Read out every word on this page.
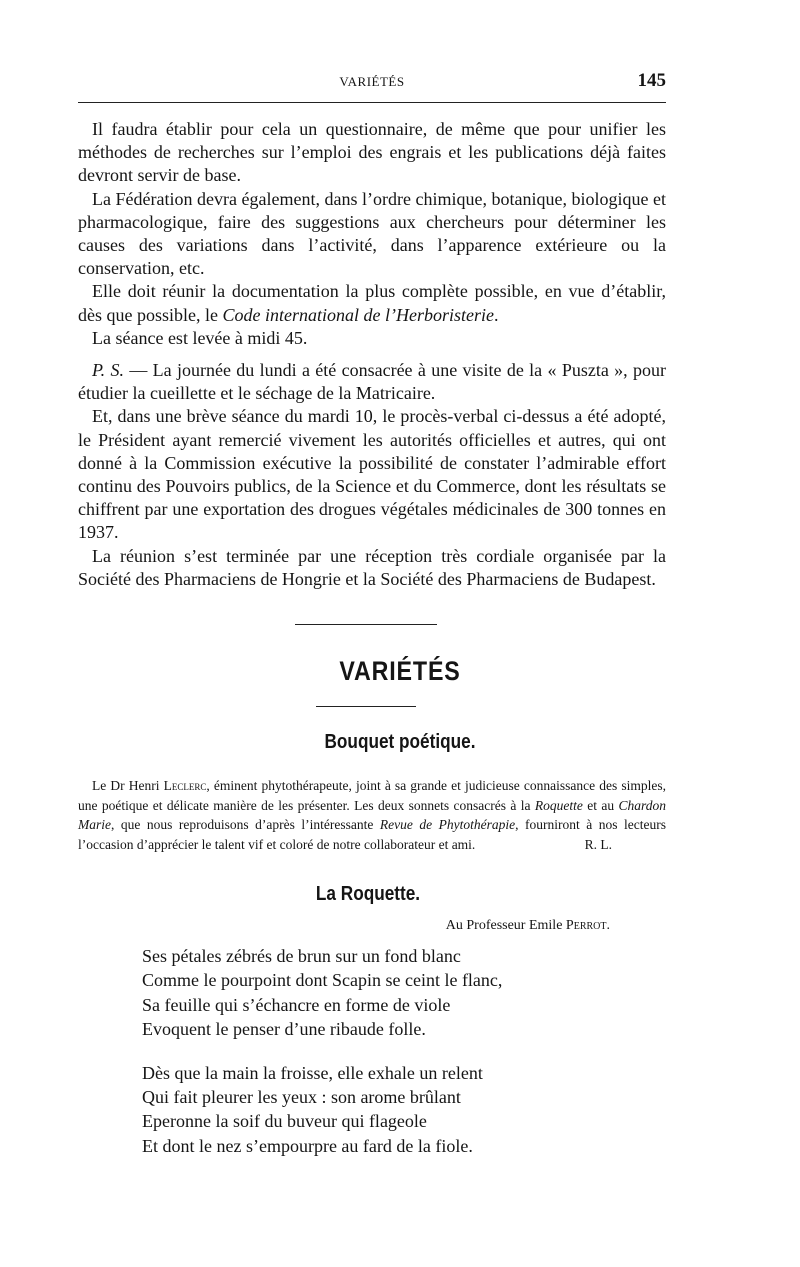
VARIÉTÉS	145

Il faudra établir pour cela un questionnaire, de même que pour unifier les méthodes de recherches sur l’emploi des engrais et les publications déjà faites devront servir de base.

La Fédération devra également, dans l’ordre chimique, botanique, biologique et pharmacologique, faire des suggestions aux chercheurs pour déterminer les causes des variations dans l’activité, dans l’apparence extérieure ou la conservation, etc.

Elle doit réunir la documentation la plus complète possible, en vue d’établir, dès que possible, le Code international de l’Herboristerie.

La séance est levée à midi 45.

P. S. — La journée du lundi a été consacrée à une visite de la « Puszta », pour étudier la cueillette et le séchage de la Matricaire.

Et, dans une brève séance du mardi 10, le procès-verbal ci-dessus a été adopté, le Président ayant remercié vivement les autorités officielles et autres, qui ont donné à la Commission exécutive la possibilité de constater l’admirable effort continu des Pouvoirs publics, de la Science et du Commerce, dont les résultats se chiffrent par une exportation des drogues végétales médicinales de 300 tonnes en 1937.

La réunion s’est terminée par une réception très cordiale organisée par la Société des Pharmaciens de Hongrie et la Société des Pharmaciens de Budapest.

VARIÉTÉS
Bouquet poétique.

Le Dr Henri Leclerc, éminent phytothérapeute, joint à sa grande et judicieuse connaissance des simples, une poétique et délicate manière de les présenter. Les deux sonnets consacrés à la Roquette et au Chardon Marie, que nous reproduisons d’après l’intéressante Revue de Phytothérapie, fourniront à nos lecteurs l’occasion d’apprécier le talent vif et coloré de notre collaborateur et ami.	R. L.

La Roquette.
Au Professeur Emile Perrot.

Ses pétales zébrés de brun sur un fond blanc

Comme le pourpoint dont Scapin se ceint le flanc,

Sa feuille qui s’échancre en forme de viole

Evoquent le penser d’une ribaude folle.

Dès que la main la froisse, elle exhale un relent

Qui fait pleurer les yeux : son arome brûlant

Eperonne la soif du buveur qui flageole

Et dont le nez s’empourpre au fard de la fiole.
